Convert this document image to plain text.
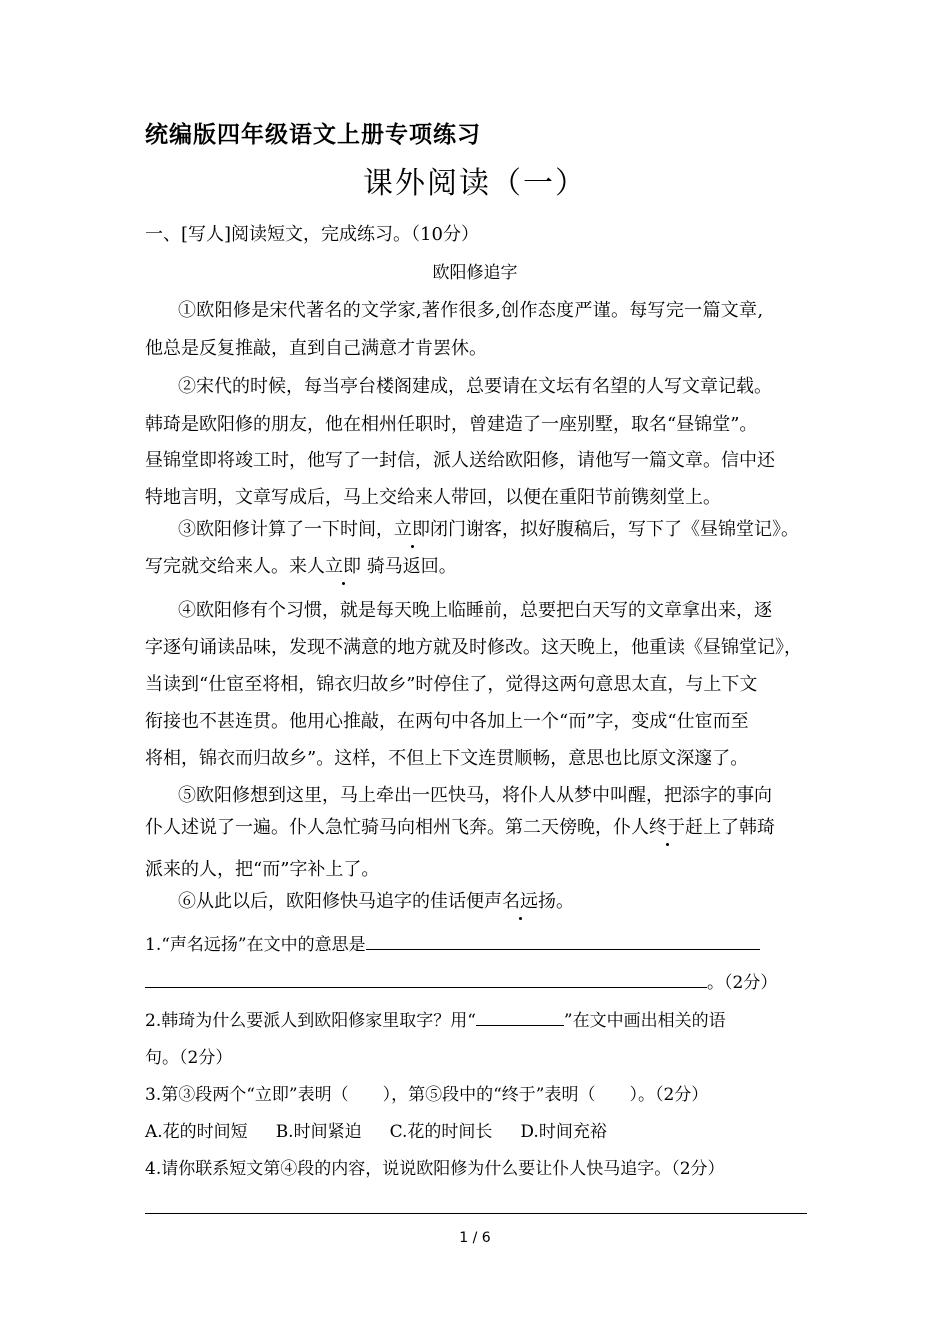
统编版四年级语文上册专项练习
课外阅读（一）
一、[写人]阅读短文，完成练习。（10分）
欧阳修追字
①欧阳修是宋代著名的文学家,著作很多,创作态度严谨。每写完一篇文章,
他总是反复推敲，直到自己满意才肯罢休。
②宋代的时候，每当亭台楼阁建成，总要请在文坛有名望的人写文章记载。
韩琦是欧阳修的朋友，他在相州任职时，曾建造了一座别墅，取名“昼锦堂”。
昼锦堂即将竣工时，他写了一封信，派人送给欧阳修，请他写一篇文章。信中还
特地言明，文章写成后，马上交给来人带回，以便在重阳节前镌刻堂上。
③欧阳修计算了一下时间，立即闭门谢客，拟好腹稿后，写下了《昼锦堂记》。
写完就交给来人。来人立即 骑马返回。
④欧阳修有个习惯，就是每天晚上临睡前，总要把白天写的文章拿出来，逐
字逐句诵读品味，发现不满意的地方就及时修改。这天晚上，他重读《昼锦堂记》，
当读到“仕宦至将相，锦衣归故乡”时停住了，觉得这两句意思太直，与上下文
衔接也不甚连贯。他用心推敲，在两句中各加上一个“而”字，变成“仕宦而至
将相，锦衣而归故乡”。这样，不但上下文连贯顺畅，意思也比原文深邃了。
⑤欧阳修想到这里，马上牵出一匹快马，将仆人从梦中叫醒，把添字的事向
仆人述说了一遍。仆人急忙骑马向相州飞奔。第二天傍晚，仆人终于赶上了韩琦
派来的人，把“而”字补上了。
⑥从此以后，欧阳修快马追字的佳话便声名远扬。
1.“声名远扬”在文中的意思是
。（2分）
2.韩琦为什么要派人到欧阳修家里取字？用“	”在文中画出相关的语
句。（2分）
3.第③段两个“立即”表明（　　），第⑤段中的“终于”表明（　　）。（2分）
A.花的时间短 B.时间紧迫 C.花的时间长 D.时间充裕
4.请你联系短文第④段的内容，说说欧阳修为什么要让仆人快马追字。（2分）
1 / 6
